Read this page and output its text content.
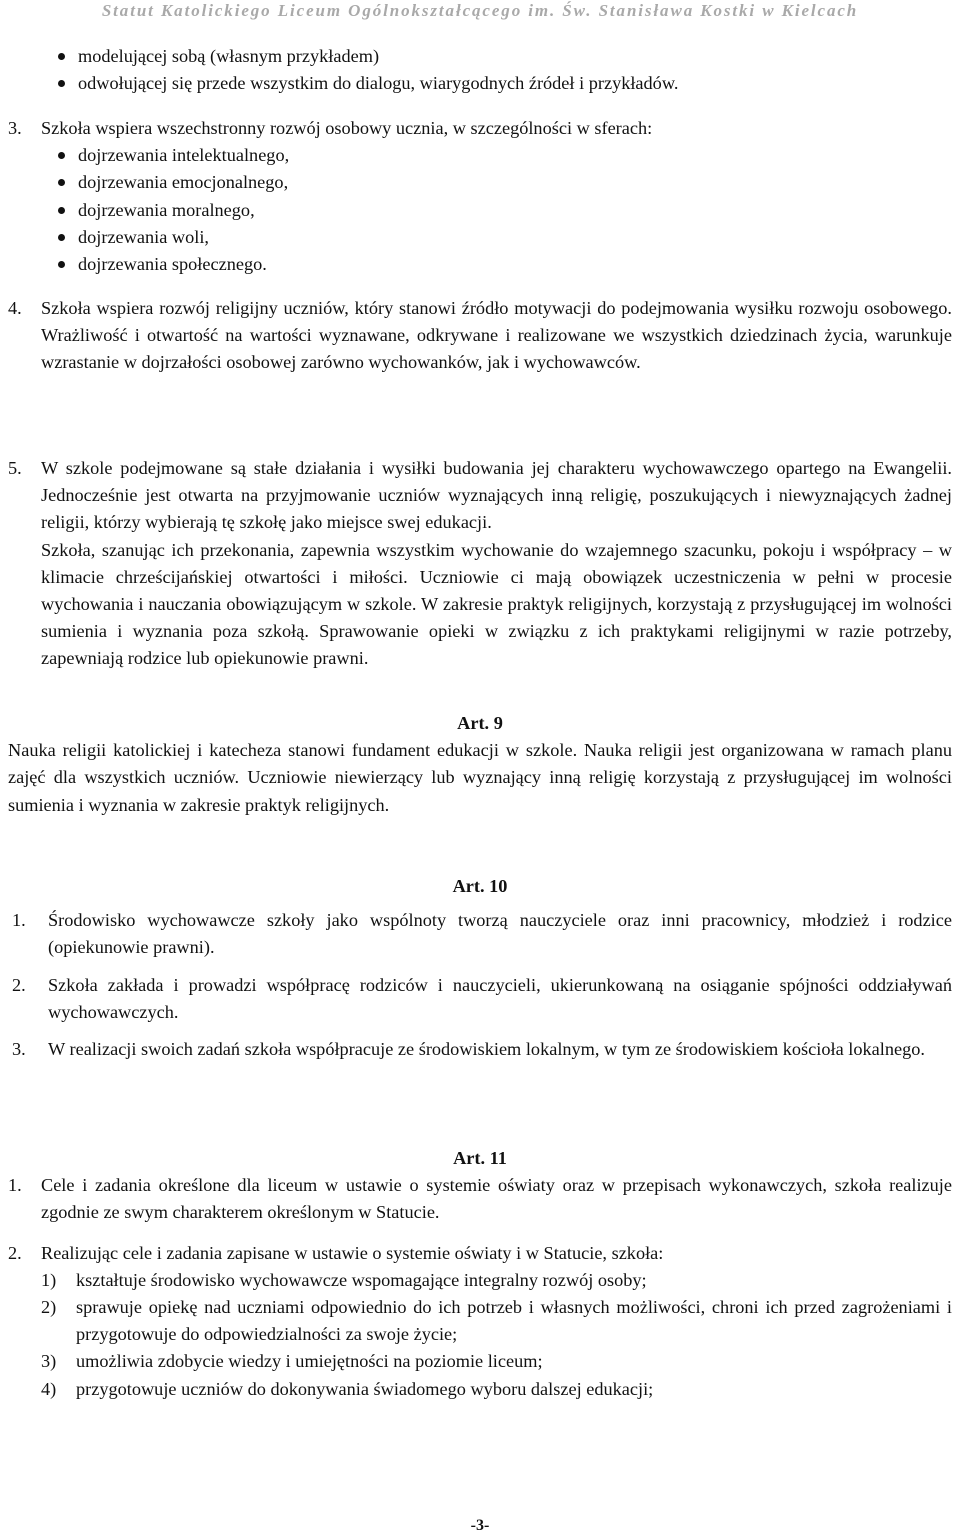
Statut Katolickiego Liceum Ogólnokształcącego im. Św. Stanisława Kostki w Kielcach
modelującej sobą (własnym przykładem)
odwołującej się przede wszystkim do dialogu, wiarygodnych źródeł i przykładów.
3. Szkoła wspiera wszechstronny rozwój osobowy ucznia, w szczególności w sferach:
dojrzewania intelektualnego,
dojrzewania emocjonalnego,
dojrzewania moralnego,
dojrzewania woli,
dojrzewania społecznego.
4. Szkoła wspiera rozwój religijny uczniów, który stanowi źródło motywacji do podejmowania wysiłku rozwoju osobowego. Wrażliwość i otwartość na wartości wyznawane, odkrywane i realizowane we wszystkich dziedzinach życia, warunkuje wzrastanie w dojrzałości osobowej zarówno wychowanków, jak i wychowawców.
5. W szkole podejmowane są stałe działania i wysiłki budowania jej charakteru wychowawczego opartego na Ewangelii. Jednocześnie jest otwarta na przyjmowanie uczniów wyznających inną religię, poszukujących i niewyznających żadnej religii, którzy wybierają tę szkołę jako miejsce swej edukacji.
Szkoła, szanując ich przekonania, zapewnia wszystkim wychowanie do wzajemnego szacunku, pokoju i współpracy – w klimacie chrześcijańskiej otwartości i miłości. Uczniowie ci mają obowiązek uczestniczenia w pełni w procesie wychowania i nauczania obowiązującym w szkole. W zakresie praktyk religijnych, korzystają z przysługującej im wolności sumienia i wyznania poza szkołą. Sprawowanie opieki w związku z ich praktykami religijnymi w razie potrzeby, zapewniają rodzice lub opiekunowie prawni.
Art. 9
Nauka religii katolickiej i katecheza stanowi fundament edukacji w szkole. Nauka religii jest organizowana w ramach planu zajęć dla wszystkich uczniów. Uczniowie niewierzący lub wyznający inną religię korzystają z przysługującej im wolności sumienia i wyznania w zakresie praktyk religijnych.
Art. 10
1. Środowisko wychowawcze szkoły jako wspólnoty tworzą nauczyciele oraz inni pracownicy, młodzież i rodzice (opiekunowie prawni).
2. Szkoła zakłada i prowadzi współpracę rodziców i nauczycieli, ukierunkowaną na osiąganie spójności oddziaływań wychowawczych.
3. W realizacji swoich zadań szkoła współpracuje ze środowiskiem lokalnym, w tym ze środowiskiem kościoła lokalnego.
Art. 11
1. Cele i zadania określone dla liceum w ustawie o systemie oświaty oraz w przepisach wykonawczych, szkoła realizuje zgodnie ze swym charakterem określonym w Statucie.
2. Realizując cele i zadania zapisane w ustawie o systemie oświaty i w Statucie, szkoła:
1) kształtuje środowisko wychowawcze wspomagające integralny rozwój osoby;
2) sprawuje opiekę nad uczniami odpowiednio do ich potrzeb i własnych możliwości, chroni ich przed zagrożeniami i przygotowuje do odpowiedzialności za swoje życie;
3) umożliwia zdobycie wiedzy i umiejętności na poziomie liceum;
4) przygotowuje uczniów do dokonywania świadomego wyboru dalszej edukacji;
-3-
